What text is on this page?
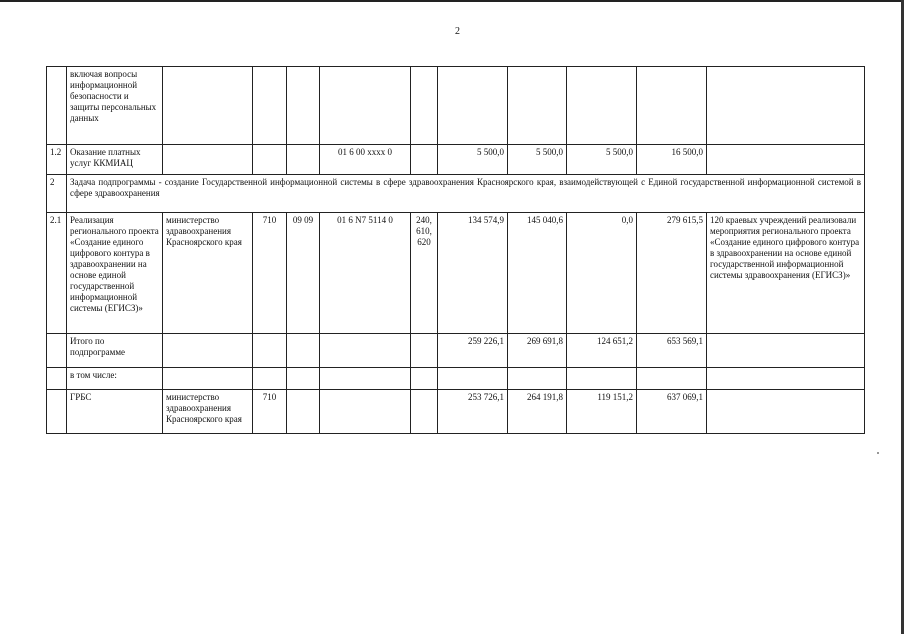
2
	включая вопросы информационной безопасности и защиты персональных данных										
1.2	Оказание платных услуг ККМИАЦ				01 6 00 xxxx 0		5 500,0	5 500,0	5 500,0	16 500,0	
2	Задача подпрограммы - создание Государственной информационной системы в сфере здравоохранения Красноярского края, взаимодействующей с Единой государственной информационной системой в сфере здравоохранения										
2.1	Реализация регионального проекта «Создание единого цифрового контура в здравоохранении на основе единой государственной информационной системы (ЕГИСЗ)»	министерство здравоохранения Красноярского края	710	09 09	01 6 N7 5114 0	240, 610, 620	134 574,9	145 040,6	0,0	279 615,5	120 краевых учреждений реализовали мероприятия регионального проекта «Создание единого цифрового контура в здравоохранении на основе единой государственной информационной системы здравоохранения (ЕГИСЗ)»
	Итого по подпрограмме						259 226,1	269 691,8	124 651,2	653 569,1	
	в том числе:										
	ГРБС	министерство здравоохранения Красноярского края	710				253 726,1	264 191,8	119 151,2	637 069,1	
